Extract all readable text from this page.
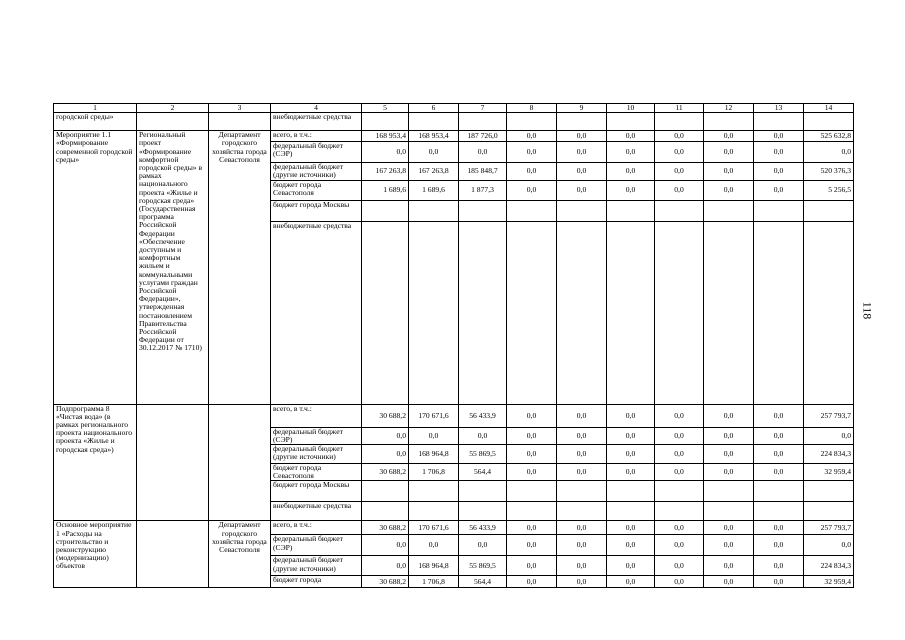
118
1	2	3	4	5	6	7	8	9	10	11	12	13	14
городской среды»			внебюджетные средства										
Мероприятие 1.1 «Формирование современной городской среды»	Региональный проект «Формирование комфортной городской среды» в рамках национального проекта «Жилье и городская среда» (Государственная программа Российской Федерации «Обеспечение доступным и комфортным жильем и коммунальными услугами граждан Российской Федерации», утвержденная постановлением Правительства Российской Федерации от 30.12.2017 № 1710)	Департамент городского хозяйства города Севастополя	всего, в т.ч.:	168 953,4	168 953,4	187 726,0	0,0	0,0	0,0	0,0	0,0	0,0	525 632,8
			федеральный бюджет (СЭР)	0,0	0,0	0,0	0,0	0,0	0,0	0,0	0,0	0,0	0,0
			федеральный бюджет (другие источники)	167 263,8	167 263,8	185 848,7	0,0	0,0	0,0	0,0	0,0	0,0	520 376,3
			бюджет города Севастополя	1 689,6	1 689,6	1 877,3	0,0	0,0	0,0	0,0	0,0	0,0	5 256,5
			бюджет города Москвы										
			внебюджетные средства										
Подпрограмма 8 «Чистая вода» (в рамках регионального проекта национального проекта «Жилье и городская среда»)			всего, в т.ч.:	30 688,2	170 671,6	56 433,9	0,0	0,0	0,0	0,0	0,0	0,0	257 793,7
			федеральный бюджет (СЭР)	0,0	0,0	0,0	0,0	0,0	0,0	0,0	0,0	0,0	0,0
			федеральный бюджет (другие источники)	0,0	168 964,8	55 869,5	0,0	0,0	0,0	0,0	0,0	0,0	224 834,3
			бюджет города Севастополя	30 688,2	1 706,8	564,4	0,0	0,0	0,0	0,0	0,0	0,0	32 959,4
			бюджет города Москвы										
			внебюджетные средства										
Основное мероприятие 1 «Расходы на строительство и реконструкцию (модернизацию) объектов		Департамент городского хозяйства города Севастополя	всего, в т.ч.:	30 688,2	170 671,6	56 433,9	0,0	0,0	0,0	0,0	0,0	0,0	257 793,7
			федеральный бюджет (СЭР)	0,0	0,0	0,0	0,0	0,0	0,0	0,0	0,0	0,0	0,0
			федеральный бюджет (другие источники)	0,0	168 964,8	55 869,5	0,0	0,0	0,0	0,0	0,0	0,0	224 834,3
			бюджет города	30 688,2	1 706,8	564,4	0,0	0,0	0,0	0,0	0,0	0,0	32 959,4
